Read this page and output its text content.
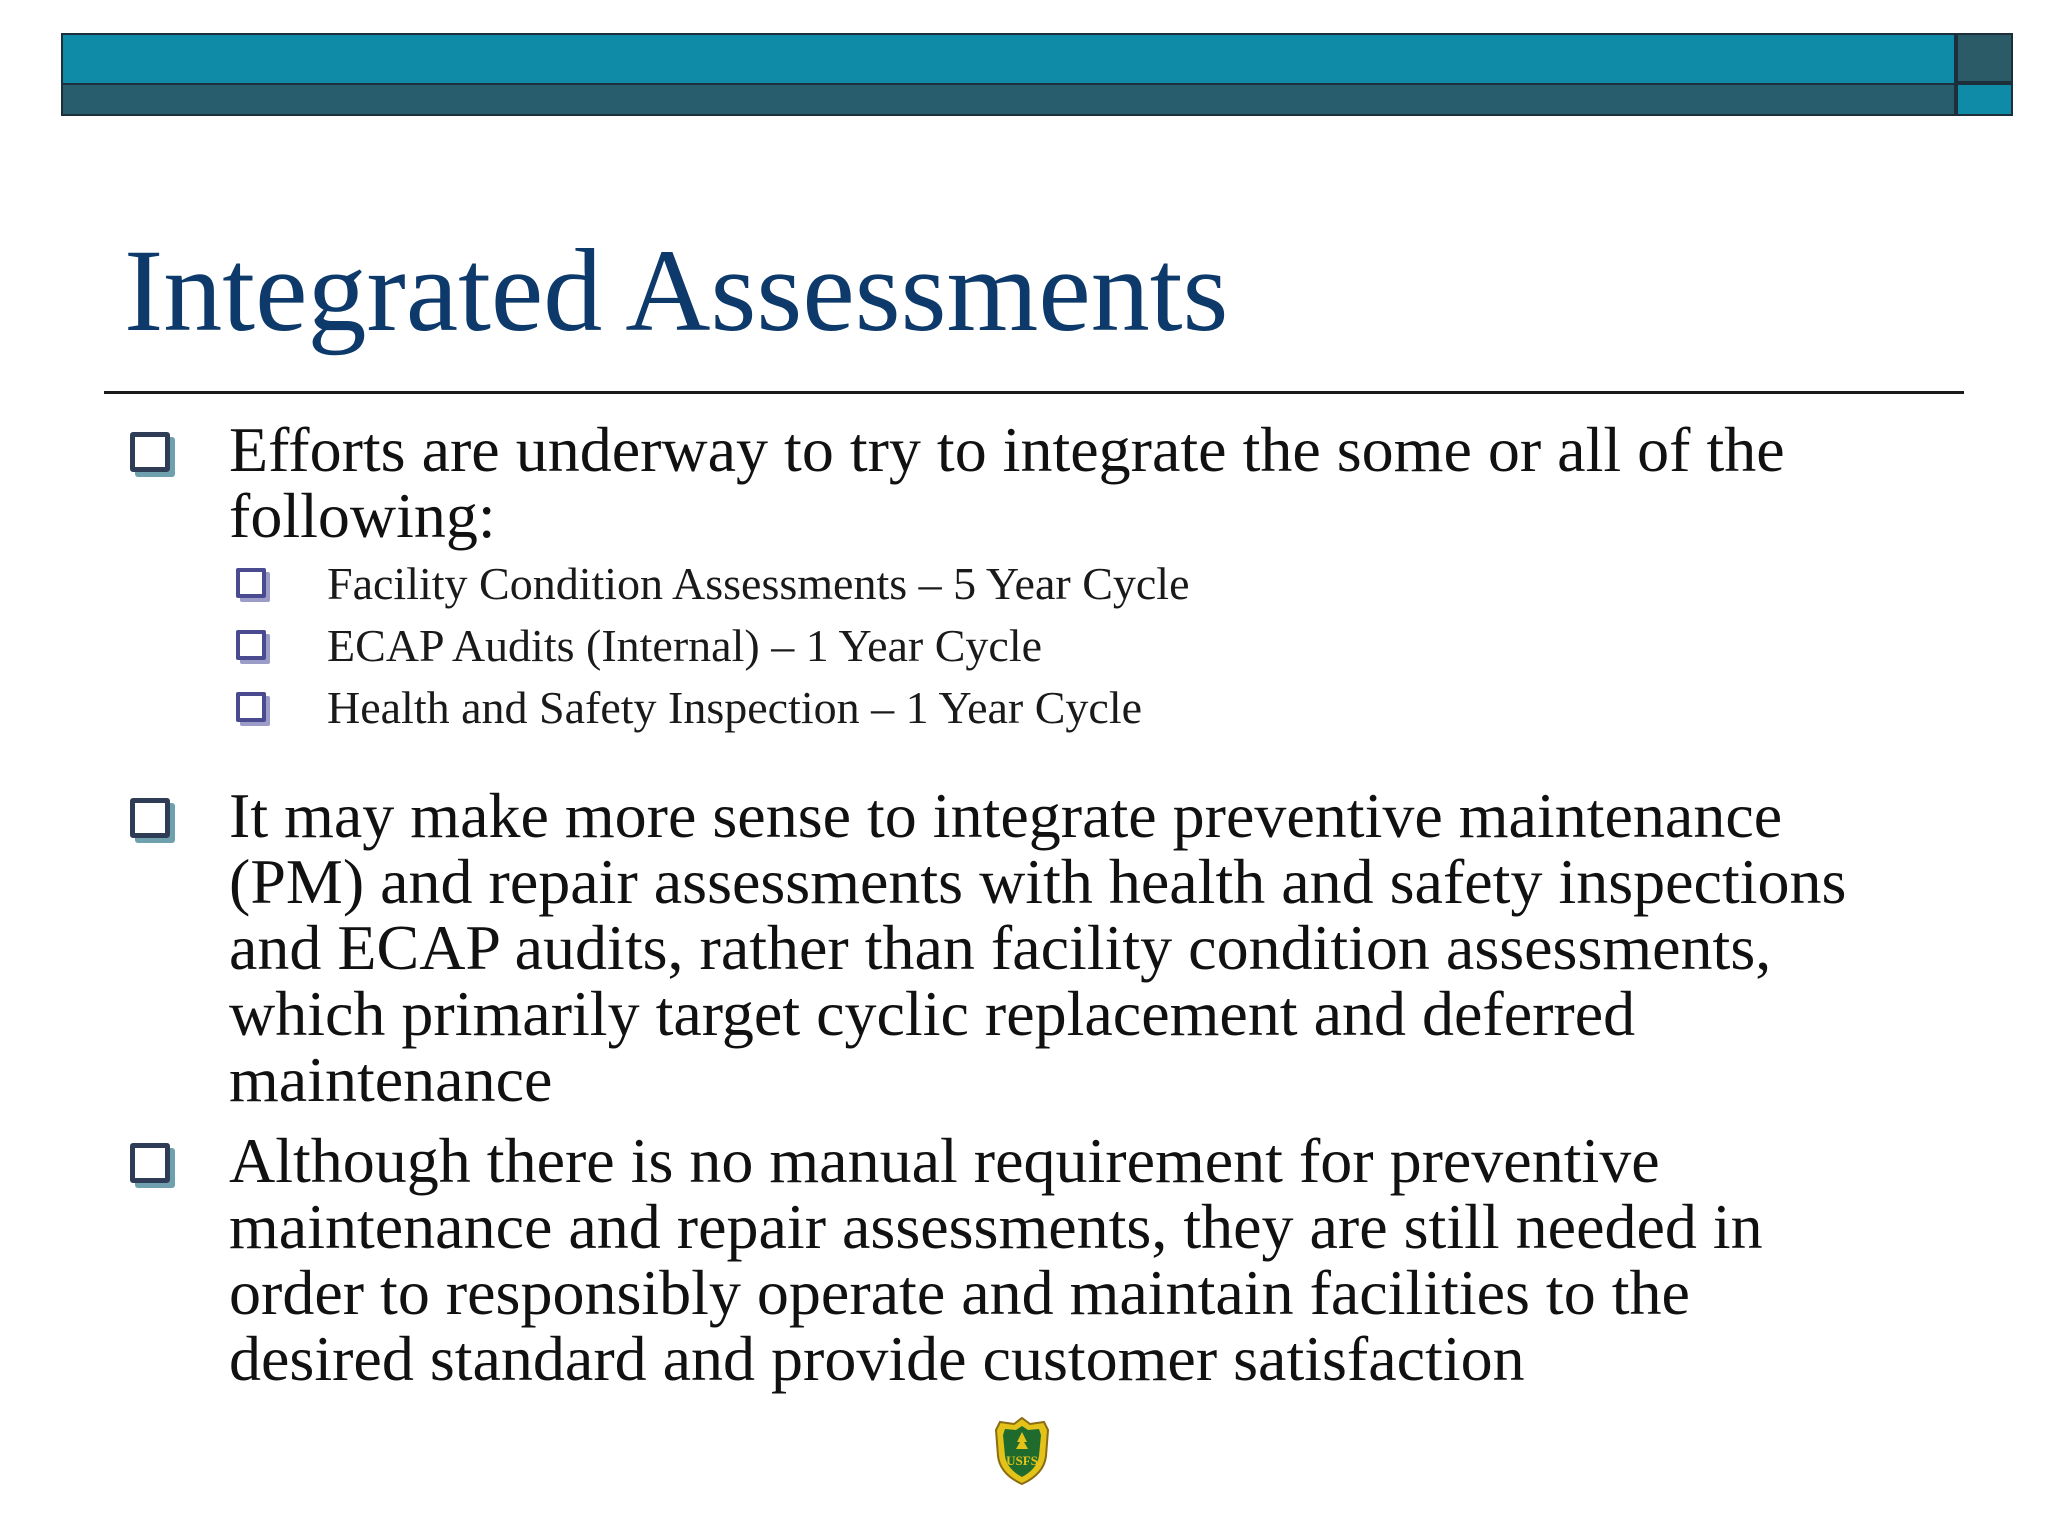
Integrated Assessments

Efforts are underway to try to integrate the some or all of the following:

Facility Condition Assessments – 5 Year Cycle

ECAP Audits (Internal) – 1 Year Cycle

Health and Safety Inspection – 1 Year Cycle

It may make more sense to integrate preventive maintenance (PM) and repair assessments with health and safety inspections and ECAP audits, rather than facility condition assessments, which primarily target cyclic replacement and deferred maintenance

Although there is no manual requirement for preventive maintenance and repair assessments, they are still needed in order to responsibly operate and maintain facilities to the desired standard and provide customer satisfaction

USFS
